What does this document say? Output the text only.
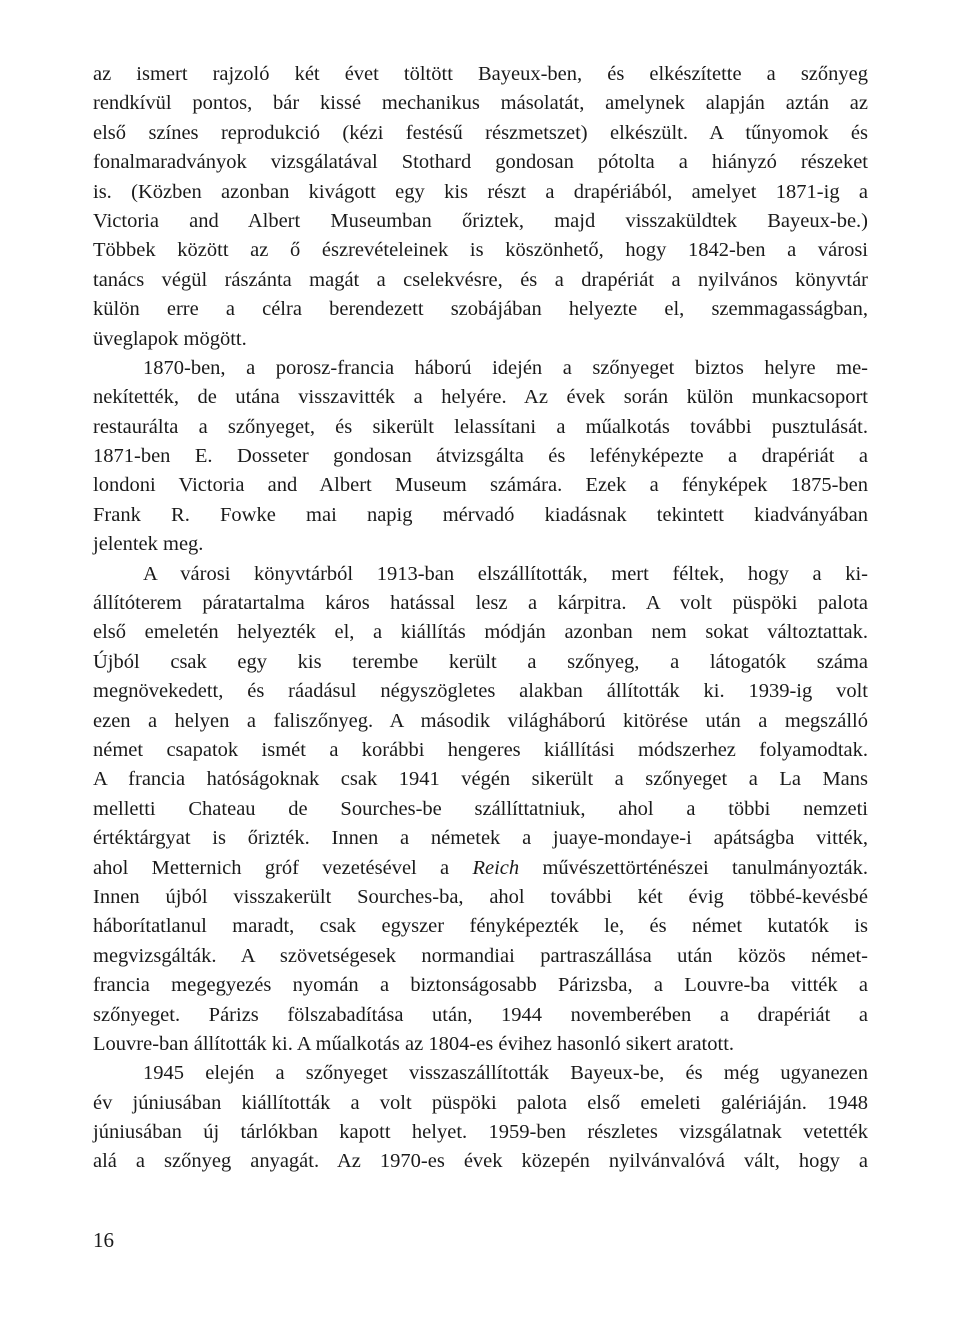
az ismert rajzoló két évet töltött Bayeux-ben, és elkészítette a szőnyeg
rendkívül pontos, bár kissé mechanikus másolatát, amelynek alapján aztán az
első színes reprodukció (kézi festésű részmetszet) elkészült. A tűnyomok és
fonalmaradványok vizsgálatával Stothard gondosan pótolta a hiányzó részeket
is. (Közben azonban kivágott egy kis részt a drapériából, amelyet 1871-ig a
Victoria and Albert Museumban őriztek, majd visszaküldtek Bayeux-be.)
Többek között az ő észrevételeinek is köszönhető, hogy 1842-ben a városi
tanács végül rászánta magát a cselekvésre, és a drapériát a nyilvános könyvtár
külön erre a célra berendezett szobájában helyezte el, szemmagasságban,
üveglapok mögött.
1870-ben, a porosz-francia háború idején a szőnyeget biztos helyre me-
nekítették, de utána visszavitték a helyére. Az évek során külön munkacsoport
restaurálta a szőnyeget, és sikerült lelassítani a műalkotás további pusztulását.
1871-ben E. Dosseter gondosan átvizsgálta és lefényképezte a drapériát a
londoni Victoria and Albert Museum számára. Ezek a fényképek 1875-ben
Frank R. Fowke mai napig mérvadó kiadásnak tekintett kiadványában
jelentek meg.
A városi könyvtárból 1913-ban elszállították, mert féltek, hogy a ki-
állítóterem páratartalma káros hatással lesz a kárpitra. A volt püspöki palota
első emeletén helyezték el, a kiállítás módján azonban nem sokat változtattak.
Újból csak egy kis terembe került a szőnyeg, a látogatók száma
megnövekedett, és ráadásul négyszögletes alakban állították ki. 1939-ig volt
ezen a helyen a faliszőnyeg. A második világháború kitörése után a megszálló
német csapatok ismét a korábbi hengeres kiállítási módszerhez folyamodtak.
A francia hatóságoknak csak 1941 végén sikerült a szőnyeget a La Mans
melletti Chateau de Sourches-be szállíttatniuk, ahol a többi nemzeti
értéktárgyat is őrizték. Innen a németek a juaye-mondaye-i apátságba vitték,
ahol Metternich gróf vezetésével a Reich művészettörténészei tanulmányozták.
Innen újból visszakerült Sourches-ba, ahol további két évig többé-kevésbé
háborítatlanul maradt, csak egyszer fényképezték le, és német kutatók is
megvizsgálták. A szövetségesek normandiai partraszállása után közös német-
francia megegyezés nyomán a biztonságosabb Párizsba, a Louvre-ba vitték a
szőnyeget. Párizs fölszabadítása után, 1944 novemberében a drapériát a
Louvre-ban állították ki. A műalkotás az 1804-es évihez hasonló sikert aratott.
1945 elején a szőnyeget visszaszállították Bayeux-be, és még ugyanezen
év júniusában kiállították a volt püspöki palota első emeleti galériáján. 1948
júniusában új tárlókban kapott helyet. 1959-ben részletes vizsgálatnak vetették
alá a szőnyeg anyagát. Az 1970-es évek közepén nyilvánvalóvá vált, hogy a
16
